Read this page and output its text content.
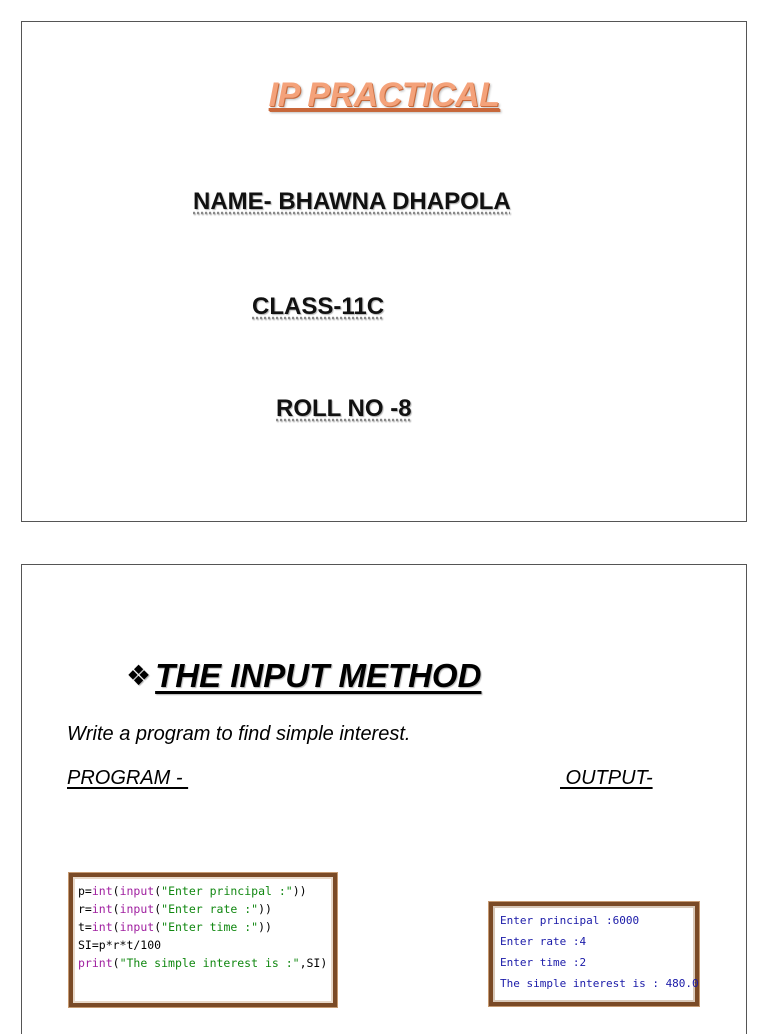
IP PRACTICAL
NAME- BHAWNA DHAPOLA
CLASS-11C
ROLL NO -8
❖ THE INPUT METHOD
Write a program to find simple interest.
PROGRAM -	OUTPUT-
p=int(input("Enter principal :"))
r=int(input("Enter rate :"))
t=int(input("Enter time :"))
SI=p*r*t/100
print("The simple interest is :",SI)
Enter principal :6000
Enter rate :4
Enter time :2
The simple interest is : 480.0
